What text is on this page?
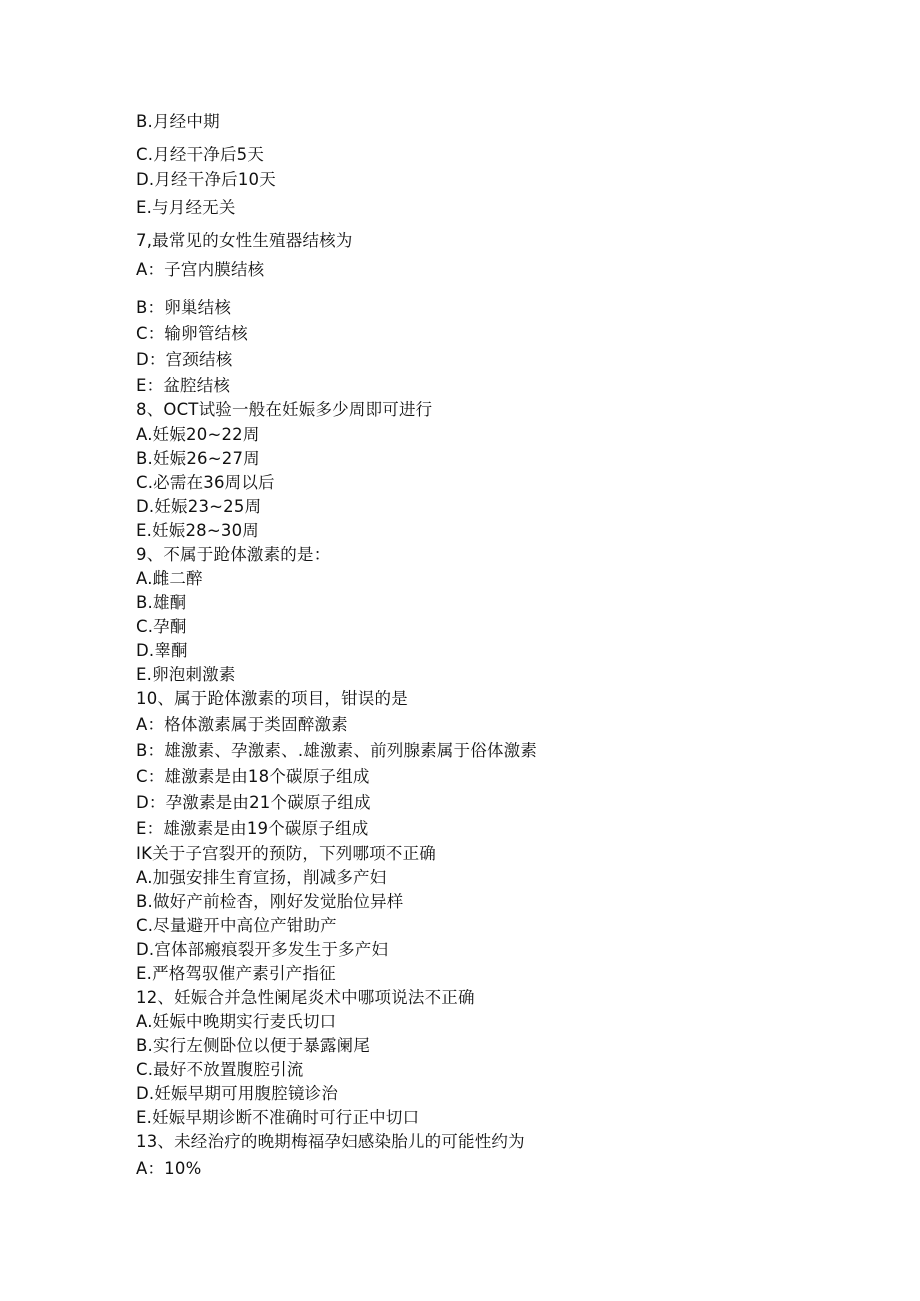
B.月经中期
C.月经干净后5天
D.月经干净后10天
E.与月经无关
7,最常见的女性生殖器结核为
A：子宫内膜结核
B：卵巢结核
C：输卵管结核
D：宫颈结核
E：盆腔结核
8、OCT试验一般在妊娠多少周即可进行
A.妊娠20~22周
B.妊娠26~27周
C.必需在36周以后
D.妊娠23~25周
E.妊娠28~30周
9、不属于跄体激素的是：
A.雌二醉
B.雄酮
C.孕酮
D.睾酮
E.卵泡刺激素
10、属于跄体激素的项目，钳误的是
A：格体激素属于类固醉激素
B：雄激素、孕激素、.雄激素、前列腺素属于俗体激素
C：雄激素是由18个碳原子组成
D：孕激素是由21个碳原子组成
E：雄激素是由19个碳原子组成
IK关于子宫裂开的预防，下列哪项不正确
A.加强安排生育宣扬，削减多产妇
B.做好产前检杳，刚好发觉胎位异样
C.尽量避开中高位产钳助产
D.宫体部瘢痕裂开多发生于多产妇
E.严格驾驭催产素引产指征
12、妊娠合并急性阑尾炎术中哪项说法不正确
A.妊娠中晚期实行麦氏切口
B.实行左侧卧位以便于暴露阑尾
C.最好不放置腹腔引流
D.妊娠早期可用腹腔镜诊治
E.妊娠早期诊断不准确时可行正中切口
13、未经治疗的晚期梅福孕妇感染胎儿的可能性约为
A：10%
